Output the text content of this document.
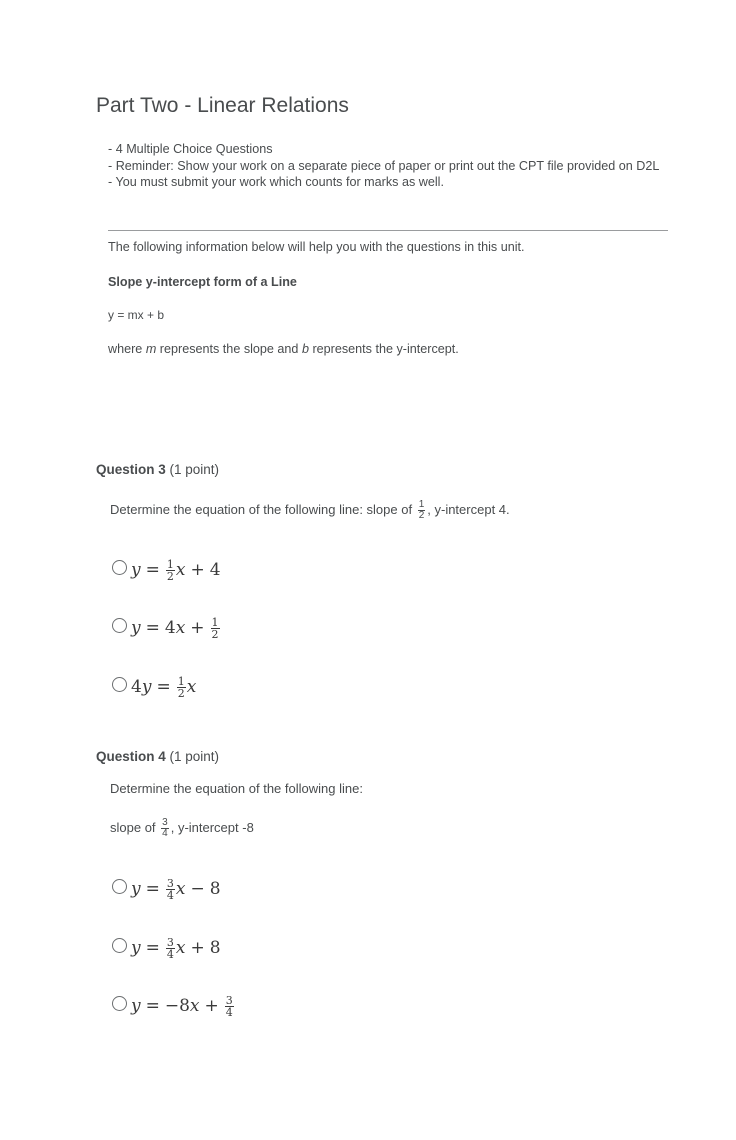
Part Two - Linear Relations
- 4 Multiple Choice Questions
- Reminder: Show your work on a separate piece of paper or print out the CPT file provided on D2L
- You must submit your work which counts for marks as well.
The following information below will help you with the questions in this unit.
Slope y-intercept form of a Line
y = mx + b
where m represents the slope and b represents the y-intercept.
Question 3 (1 point)
Determine the equation of the following line: slope of $\frac{1}{2}$ , y-intercept 4.
$y = \frac{1}{2}$ x + 4
y = 4 $x + \frac{1}{2}$
4 $y = \frac{1}{2}$ x
Question 4 (1 point)
Determine the equation of the following line:
slope of $\frac{3}{4}$ , y-intercept -8
$y = \frac{3}{4}$ x − 8
$y = \frac{3}{4}$ x + 8
y = −8 $x + \frac{3}{4}$
